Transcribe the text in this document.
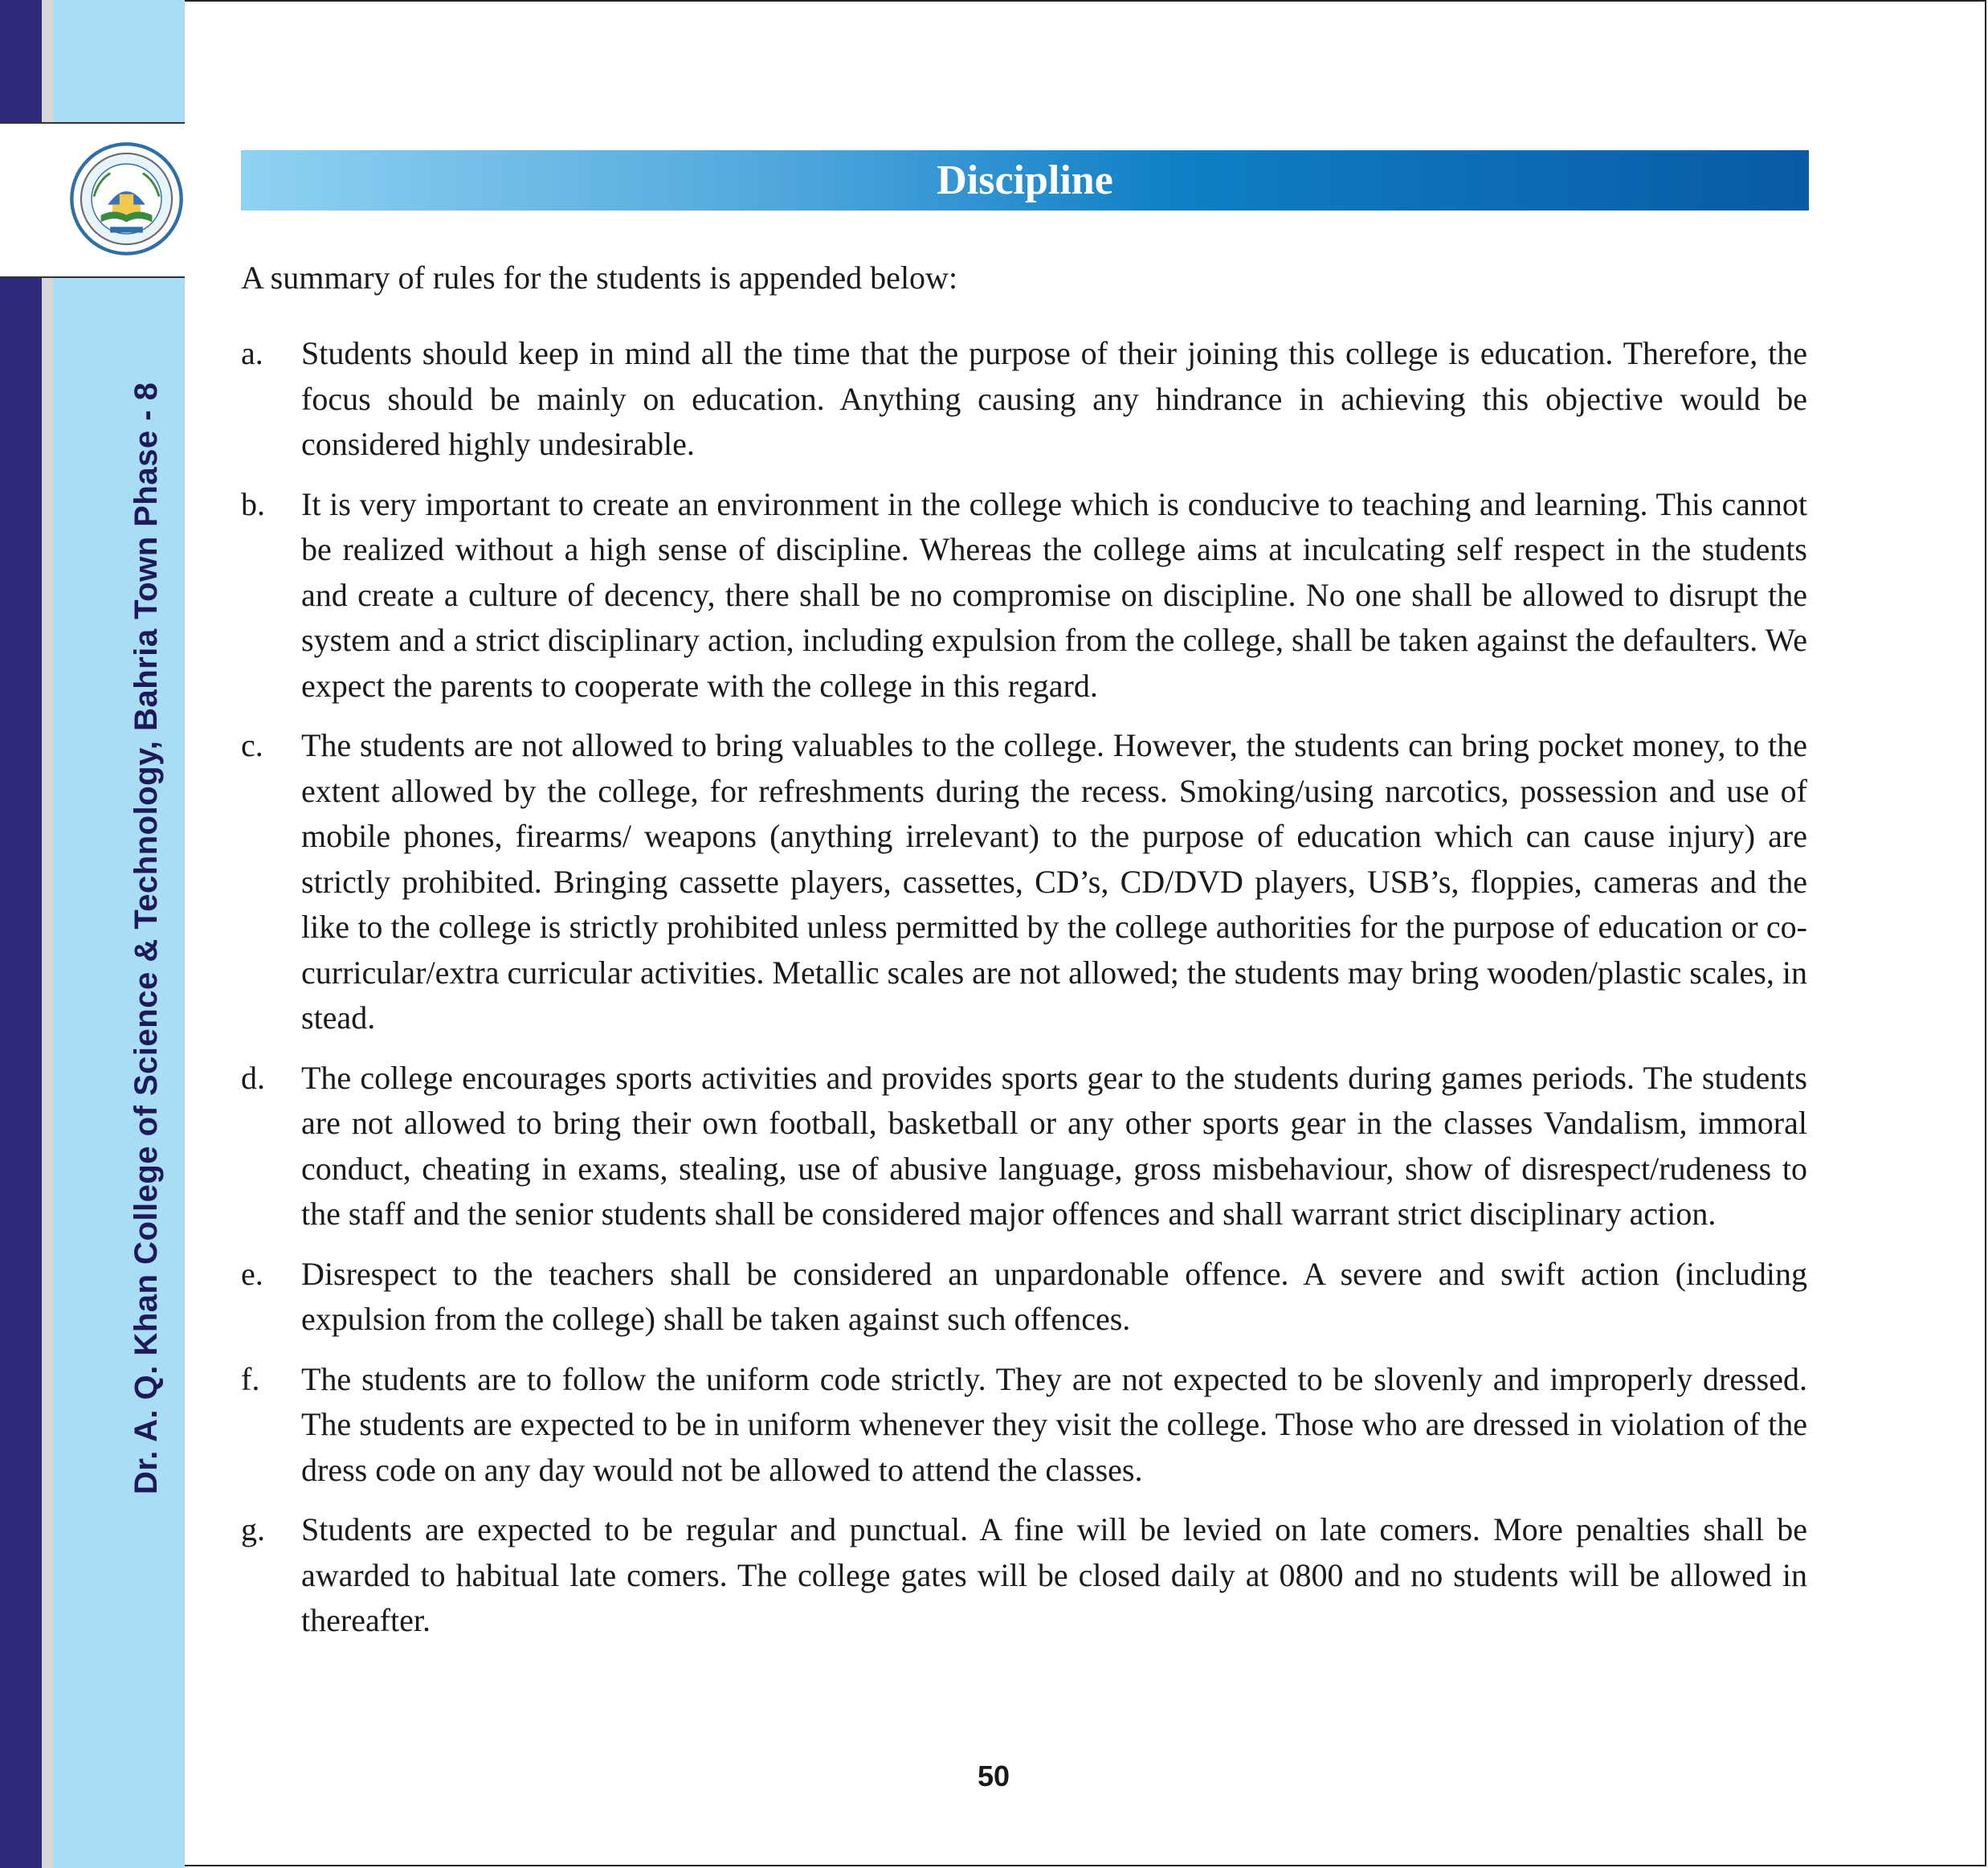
Dr. A. Q. Khan College of Science & Technology, Bahria Town Phase - 8
Discipline
A summary of rules for the students is appended below:
a. Students should keep in mind all the time that the purpose of their joining this college is education. Therefore, the focus should be mainly on education. Anything causing any hindrance in achieving this objective would be considered highly undesirable.
b. It is very important to create an environment in the college which is conducive to teaching and learning. This cannot be realized without a high sense of discipline. Whereas the college aims at inculcating self respect in the students and create a culture of decency, there shall be no compromise on discipline. No one shall be allowed to disrupt the system and a strict disciplinary action, including expulsion from the college, shall be taken against the defaulters. We expect the parents to cooperate with the college in this regard.
c. The students are not allowed to bring valuables to the college. However, the students can bring pocket money, to the extent allowed by the college, for refreshments during the recess. Smoking/using narcotics, possession and use of mobile phones, firearms/ weapons (anything irrelevant) to the purpose of education which can cause injury) are strictly prohibited. Bringing cassette players, cassettes, CD’s, CD/DVD players, USB’s, floppies, cameras and the like to the college is strictly prohibited unless permitted by the college authorities for the purpose of education or co-curricular/extra curricular activities. Metallic scales are not allowed; the students may bring wooden/plastic scales, in stead.
d. The college encourages sports activities and provides sports gear to the students during games periods. The students are not allowed to bring their own football, basketball or any other sports gear in the classes Vandalism, immoral conduct, cheating in exams, stealing, use of abusive language, gross misbehaviour, show of disrespect/rudeness to the staff and the senior students shall be considered major offences and shall warrant strict disciplinary action.
e. Disrespect to the teachers shall be considered an unpardonable offence. A severe and swift action (including expulsion from the college) shall be taken against such offences.
f. The students are to follow the uniform code strictly. They are not expected to be slovenly and improperly dressed. The students are expected to be in uniform whenever they visit the college. Those who are dressed in violation of the dress code on any day would not be allowed to attend the classes.
g. Students are expected to be regular and punctual. A fine will be levied on late comers. More penalties shall be awarded to habitual late comers. The college gates will be closed daily at 0800 and no students will be allowed in thereafter.
50
